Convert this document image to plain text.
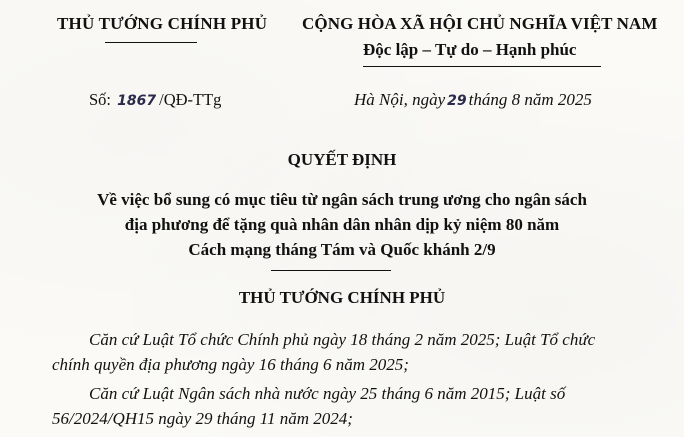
THỦ TƯỚNG CHÍNH PHỦ CỘNG HÒA XÃ HỘI CHỦ NGHĨA VIỆT NAM
Độc lập – Tự do – Hạnh phúc
Số: 1867 /QĐ-TTg	Hà Nội, ngày 29 tháng 8 năm 2025
QUYẾT ĐỊNH
Về việc bổ sung có mục tiêu từ ngân sách trung ương cho ngân sách
địa phương để tặng quà nhân dân nhân dịp kỷ niệm 80 năm
Cách mạng tháng Tám và Quốc khánh 2/9
THỦ TƯỚNG CHÍNH PHỦ
Căn cứ Luật Tổ chức Chính phủ ngày 18 tháng 2 năm 2025; Luật Tổ chức
chính quyền địa phương ngày 16 tháng 6 năm 2025;
Căn cứ Luật Ngân sách nhà nước ngày 25 tháng 6 năm 2015; Luật số
56/2024/QH15 ngày 29 tháng 11 năm 2024;
